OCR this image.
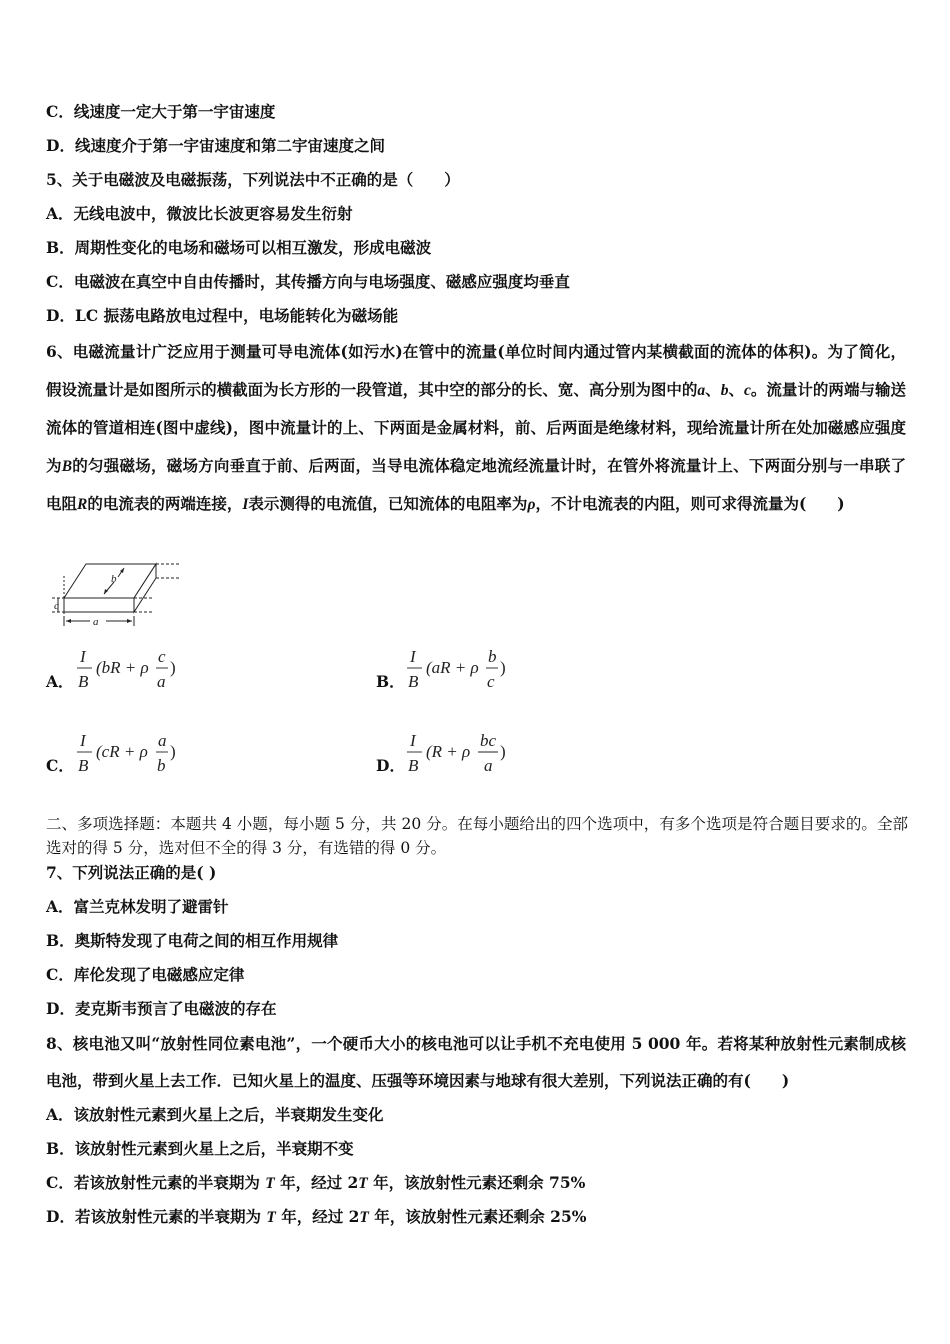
C．线速度一定大于第一宇宙速度
D．线速度介于第一宇宙速度和第二宇宙速度之间
5、关于电磁波及电磁振荡，下列说法中不正确的是（　　）
A．无线电波中，微波比长波更容易发生衍射
B．周期性变化的电场和磁场可以相互激发，形成电磁波
C．电磁波在真空中自由传播时，其传播方向与电场强度、磁感应强度均垂直
D．LC 振荡电路放电过程中，电场能转化为磁场能
6、电磁流量计广泛应用于测量可导电流体(如污水)在管中的流量(单位时间内通过管内某横截面的流体的体积)。为了简化，假设流量计是如图所示的横截面为长方形的一段管道，其中空的部分的长、宽、高分别为图中的a、b、c。流量计的两端与输送流体的管道相连(图中虚线)，图中流量计的上、下两面是金属材料，前、后两面是绝缘材料，现给流量计所在处加磁感应强度为B的匀强磁场，磁场方向垂直于前、后两面，当导电流体稳定地流经流量计时，在管外将流量计上、下两面分别与一串联了电阻R的电流表的两端连接，I表示测得的电流值，已知流体的电阻率为ρ，不计电流表的内阻，则可求得流量为(　　)
a
b
c
A．
I
B
(bR + ρ
c
a
)
B．
I
B
(aR + ρ
b
c
)
C．
I
B
(cR + ρ
a
b
)
D．
I
B
(R + ρ
bc
a
)
二、多项选择题：本题共 4 小题，每小题 5 分，共 20 分。在每小题给出的四个选项中，有多个选项是符合题目要求的。全部选对的得 5 分，选对但不全的得 3 分，有选错的得 0 分。
7、下列说法正确的是( )
A．富兰克林发明了避雷针
B．奥斯特发现了电荷之间的相互作用规律
C．库伦发现了电磁感应定律
D．麦克斯韦预言了电磁波的存在
8、核电池又叫“放射性同位素电池”，一个硬币大小的核电池可以让手机不充电使用 5 000 年。若将某种放射性元素制成核电池，带到火星上去工作．已知火星上的温度、压强等环境因素与地球有很大差别，下列说法正确的有(　　)
A．该放射性元素到火星上之后，半衰期发生变化
B．该放射性元素到火星上之后，半衰期不变
C．若该放射性元素的半衰期为 T 年，经过 2T 年，该放射性元素还剩余 75%
D．若该放射性元素的半衰期为 T 年，经过 2T 年，该放射性元素还剩余 25%
